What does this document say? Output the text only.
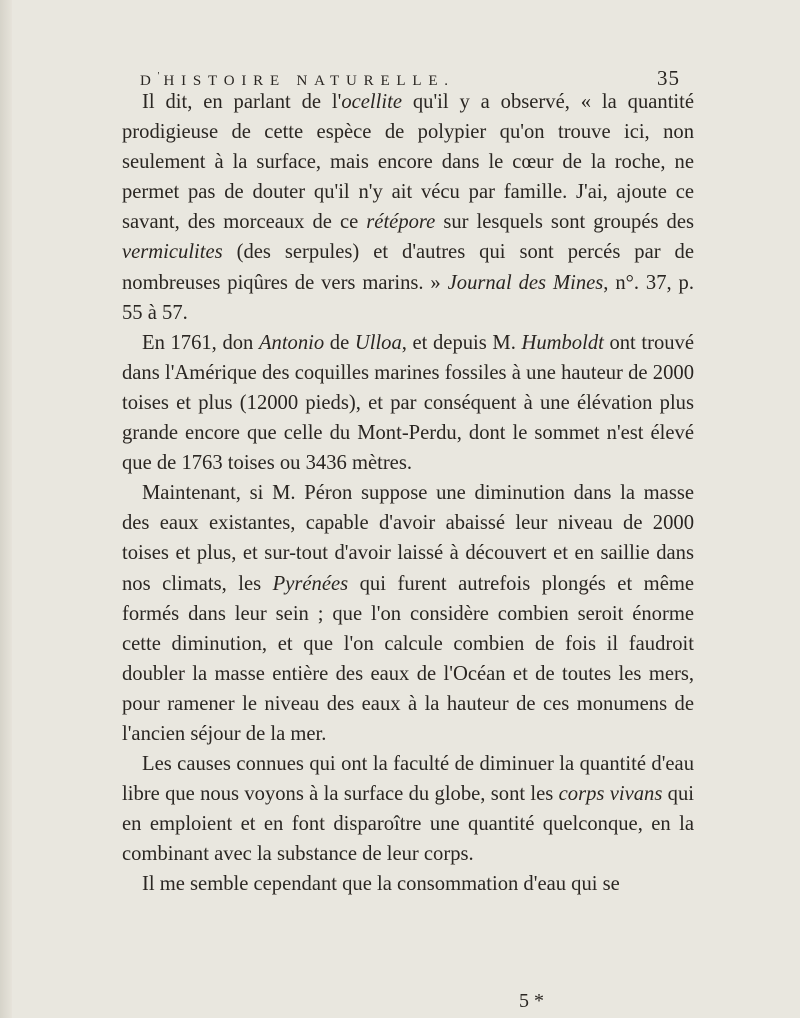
D' HISTOIRE NATURELLE.	35

Il dit, en parlant de l'ocellite qu'il y a observé, « la quantité prodigieuse de cette espèce de polypier qu'on trouve ici, non seulement à la surface, mais encore dans le cœur de la roche, ne permet pas de douter qu'il n'y ait vécu par famille. J'ai, ajoute ce savant, des morceaux de ce rétépore sur lesquels sont groupés des vermiculites (des serpules) et d'autres qui sont percés par de nombreuses piqûres de vers marins. » Journal des Mines, n°. 37, p. 55 à 57.

En 1761, don Antonio de Ulloa, et depuis M. Humboldt ont trouvé dans l'Amérique des coquilles marines fossiles à une hauteur de 2000 toises et plus (12000 pieds), et par conséquent à une élévation plus grande encore que celle du Mont-Perdu, dont le sommet n'est élevé que de 1763 toises ou 3436 mètres.

Maintenant, si M. Péron suppose une diminution dans la masse des eaux existantes, capable d'avoir abaissé leur niveau de 2000 toises et plus, et sur-tout d'avoir laissé à découvert et en saillie dans nos climats, les Pyrénées qui furent autrefois plongés et même formés dans leur sein ; que l'on considère combien seroit énorme cette diminution, et que l'on calcule combien de fois il faudroit doubler la masse entière des eaux de l'Océan et de toutes les mers, pour ramener le niveau des eaux à la hauteur de ces monumens de l'ancien séjour de la mer.

Les causes connues qui ont la faculté de diminuer la quantité d'eau libre que nous voyons à la surface du globe, sont les corps vivans qui en emploient et en font disparoître une quantité quelconque, en la combinant avec la substance de leur corps.

Il me semble cependant que la consommation d'eau qui se

5 *
